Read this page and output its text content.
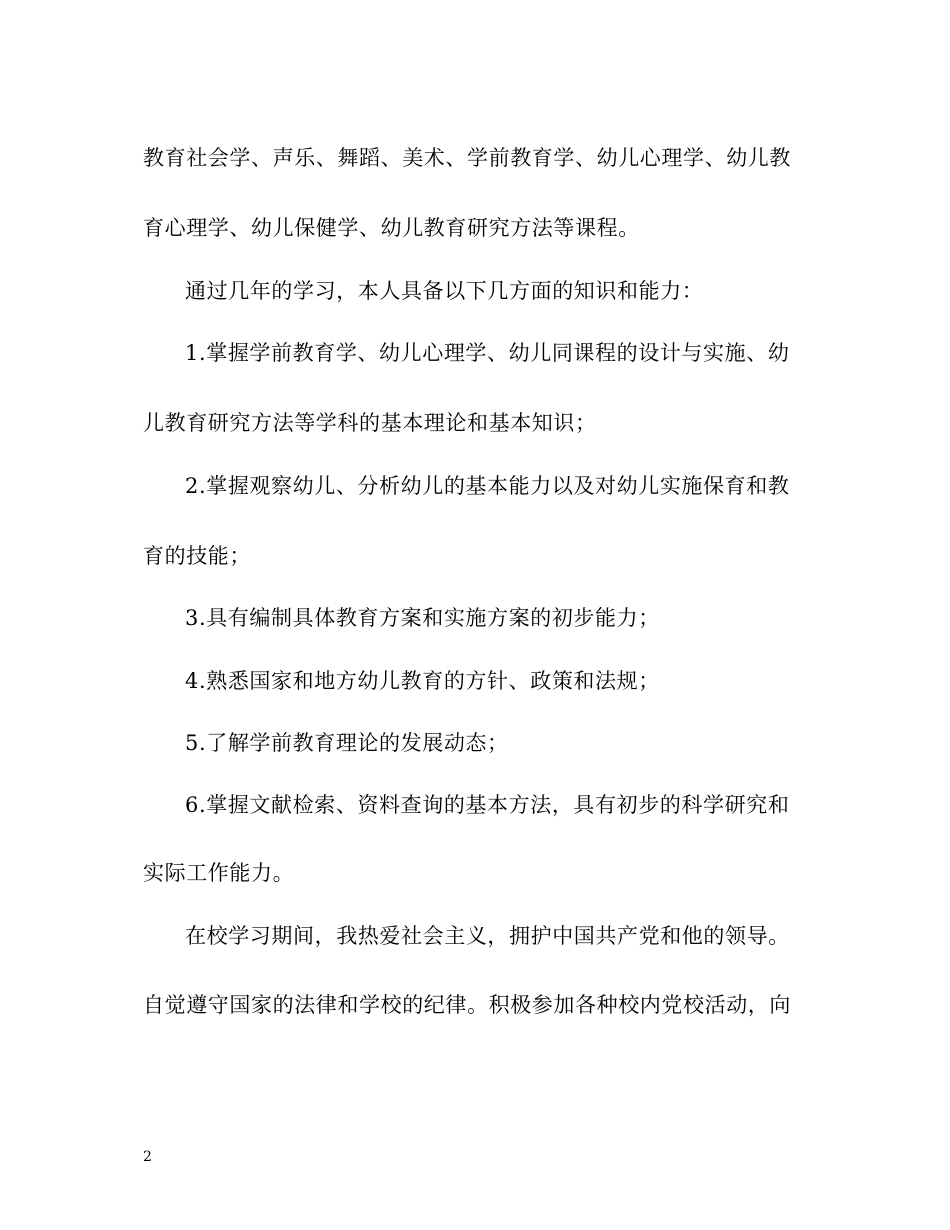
教育社会学、声乐、舞蹈、美术、学前教育学、幼儿心理学、幼儿教
育心理学、幼儿保健学、幼儿教育研究方法等课程。
通过几年的学习，本人具备以下几方面的知识和能力：
1.掌握学前教育学、幼儿心理学、幼儿同课程的设计与实施、幼
儿教育研究方法等学科的基本理论和基本知识；
2.掌握观察幼儿、分析幼儿的基本能力以及对幼儿实施保育和教
育的技能；
3.具有编制具体教育方案和实施方案的初步能力；
4.熟悉国家和地方幼儿教育的方针、政策和法规；
5.了解学前教育理论的发展动态；
6.掌握文献检索、资料查询的基本方法，具有初步的科学研究和
实际工作能力。
在校学习期间，我热爱社会主义，拥护中国共产党和他的领导。
自觉遵守国家的法律和学校的纪律。积极参加各种校内党校活动，向
2
